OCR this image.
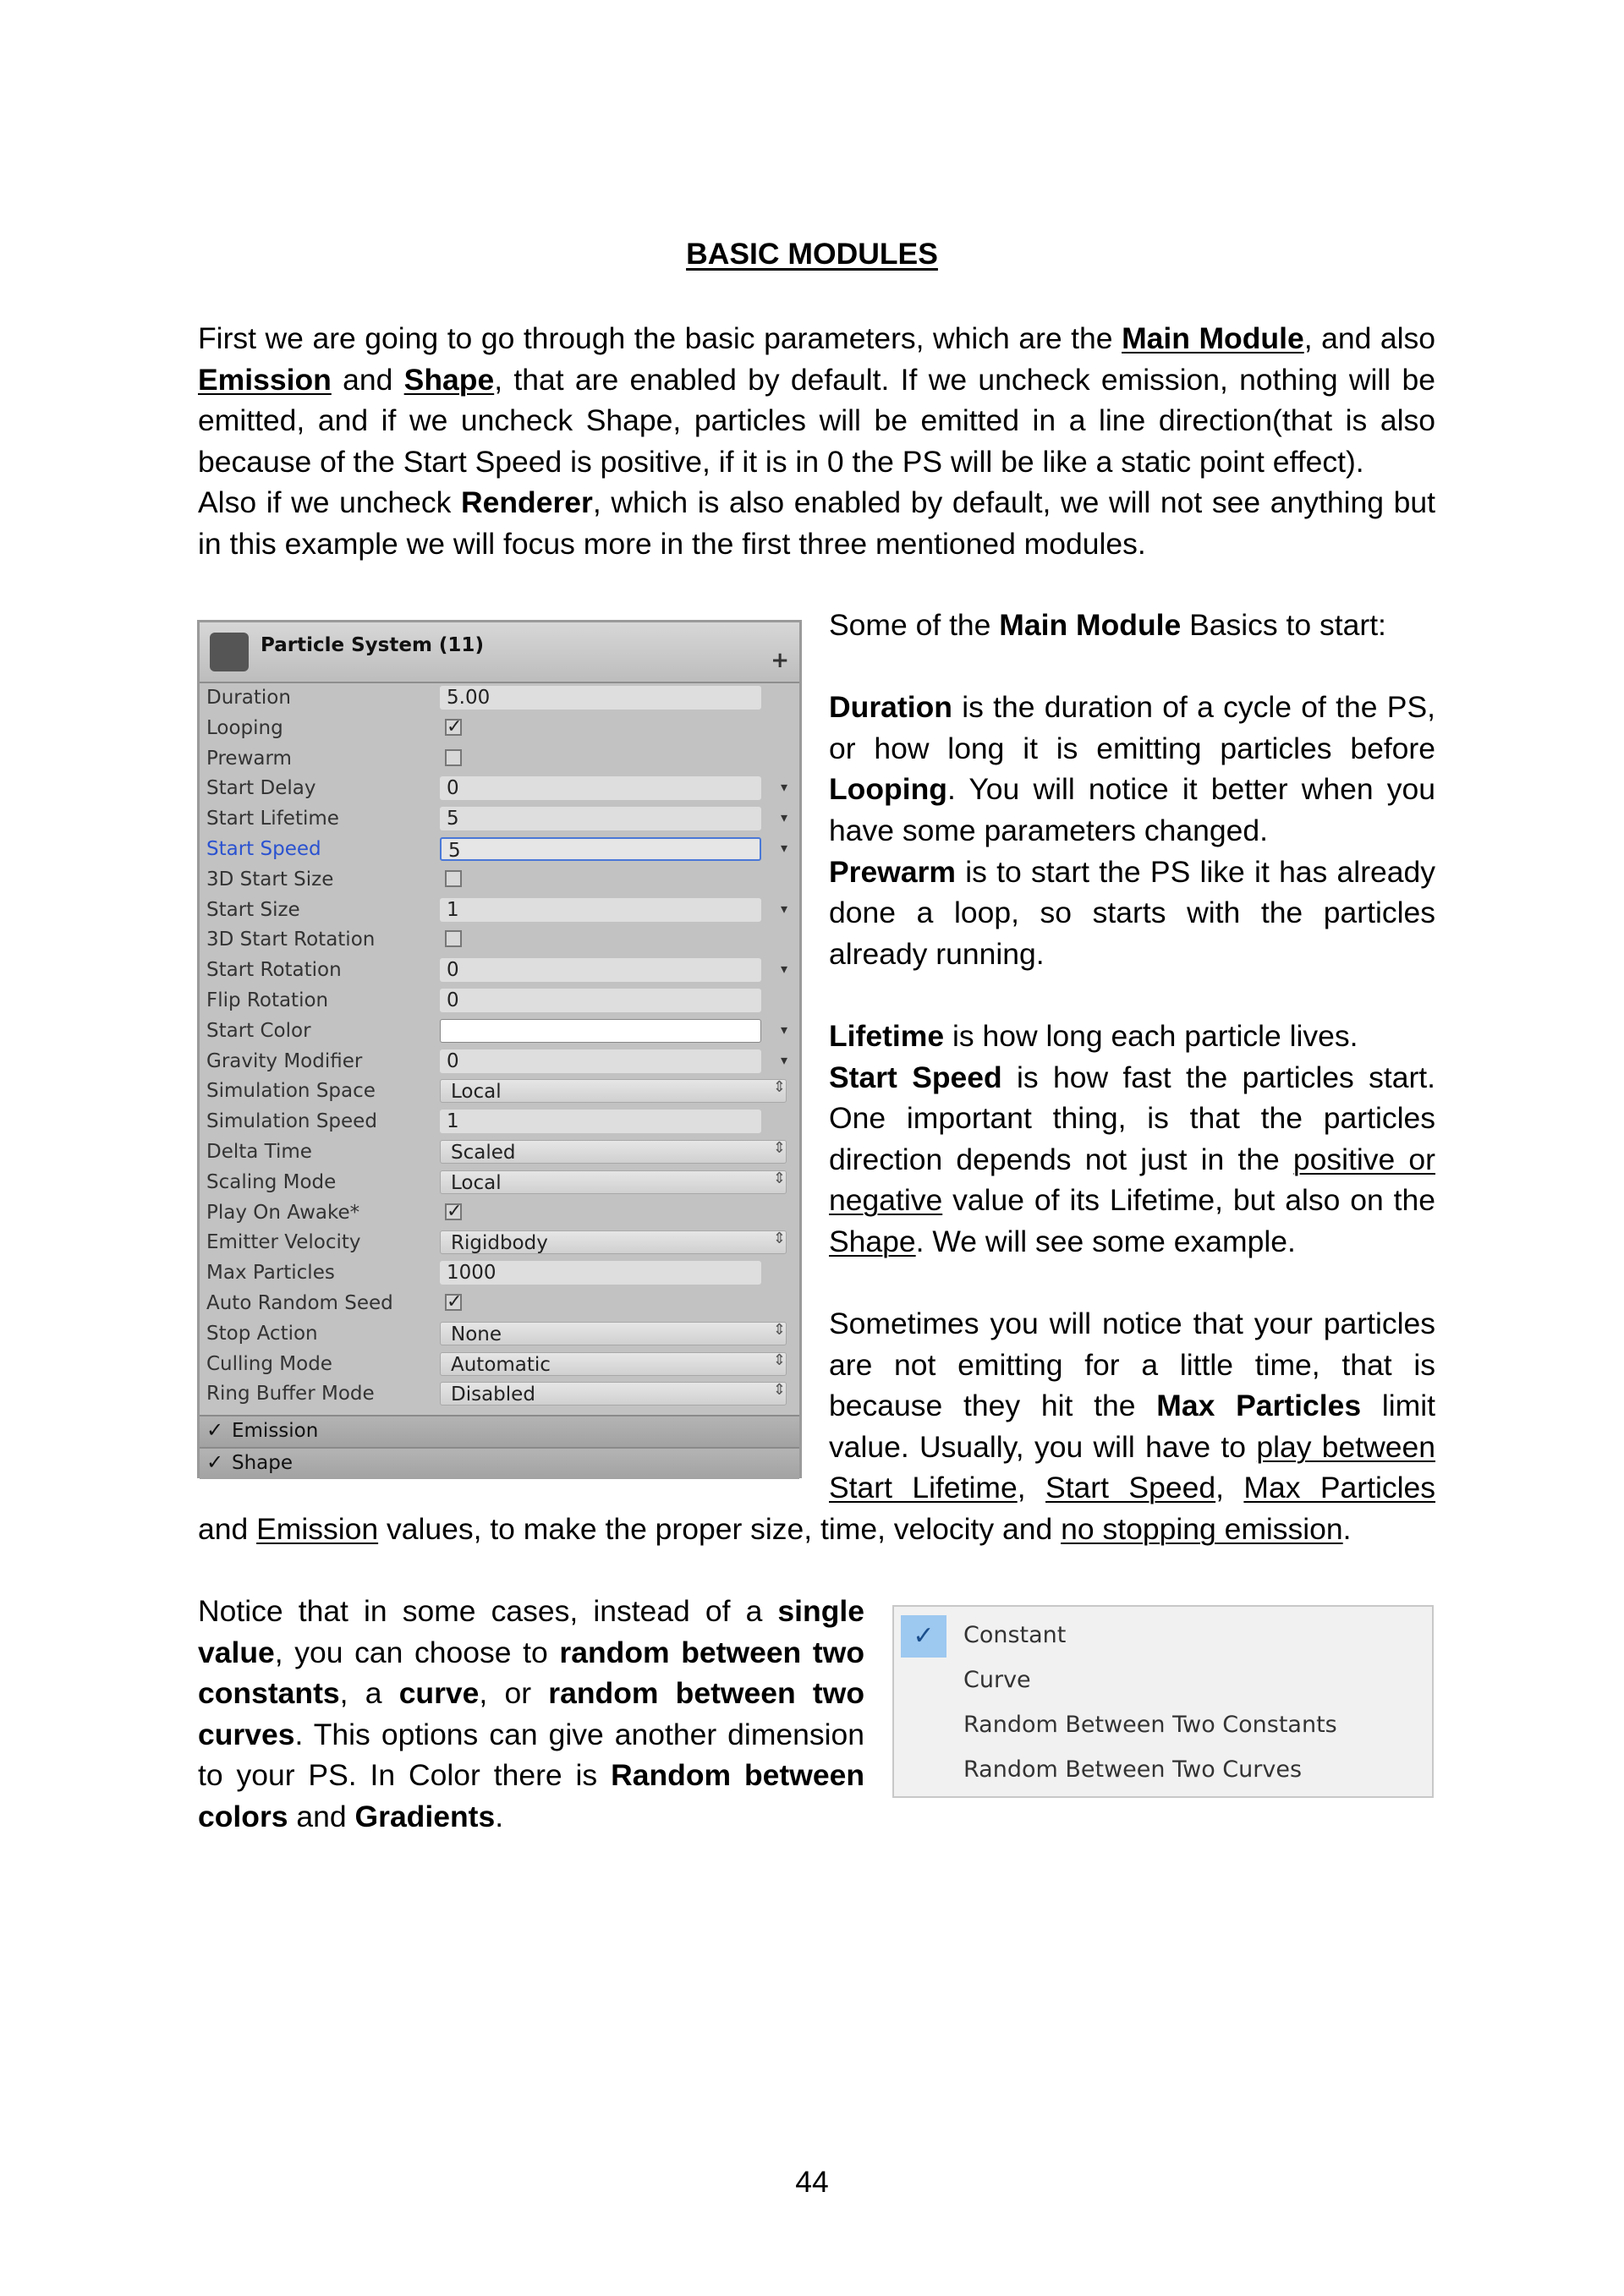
BASIC MODULES
First we are going to go through the basic parameters, which are the Main Module, and also
Emission and Shape, that are enabled by default. If we uncheck emission, nothing will be
emitted, and if we uncheck Shape, particles will be emitted in a line direction(that is also
because of the Start Speed is positive, if it is in 0 the PS will be like a static point effect).
Also if we uncheck Renderer, which is also enabled by default, we will not see anything but
in this example we will focus more in the first three mentioned modules.
Particle System (11)
+
Duration	5.00
Looping	✓
Prewarm
Start Delay	0	▾
Start Lifetime	5	▾
Start Speed	5	▾
3D Start Size
Start Size	1	▾
3D Start Rotation
Start Rotation	0	▾
Flip Rotation	0
Start Color	▾
Gravity Modifier	0	▾
Simulation Space	Local	⇕
Simulation Speed	1
Delta Time	Scaled	⇕
Scaling Mode	Local	⇕
Play On Awake*	✓
Emitter Velocity	Rigidbody	⇕
Max Particles	1000
Auto Random Seed	✓
Stop Action	None	⇕
Culling Mode	Automatic	⇕
Ring Buffer Mode	Disabled	⇕
✓ Emission
✓ Shape
Some of the Main Module Basics to start:
Duration is the duration of a cycle of the PS,
or how long it is emitting particles before
Looping. You will notice it better when you
have some parameters changed.
Prewarm is to start the PS like it has already
done a loop, so starts with the particles
already running.
Lifetime is how long each particle lives.
Start Speed is how fast the particles start.
One important thing, is that the particles
direction depends not just in the positive or
negative value of its Lifetime, but also on the
Shape. We will see some example.
Sometimes you will notice that your particles
are not emitting for a little time, that is
because they hit the Max Particles limit
value. Usually, you will have to play between
Start Lifetime, Start Speed, Max Particles
and Emission values, to make the proper size, time, velocity and no stopping emission.
Notice that in some cases, instead of a single
value, you can choose to random between two
constants, a curve, or random between two
curves. This options can give another dimension
to your PS. In Color there is Random between
colors and Gradients.
✓	Constant
Curve
Random Between Two Constants
Random Between Two Curves
44
